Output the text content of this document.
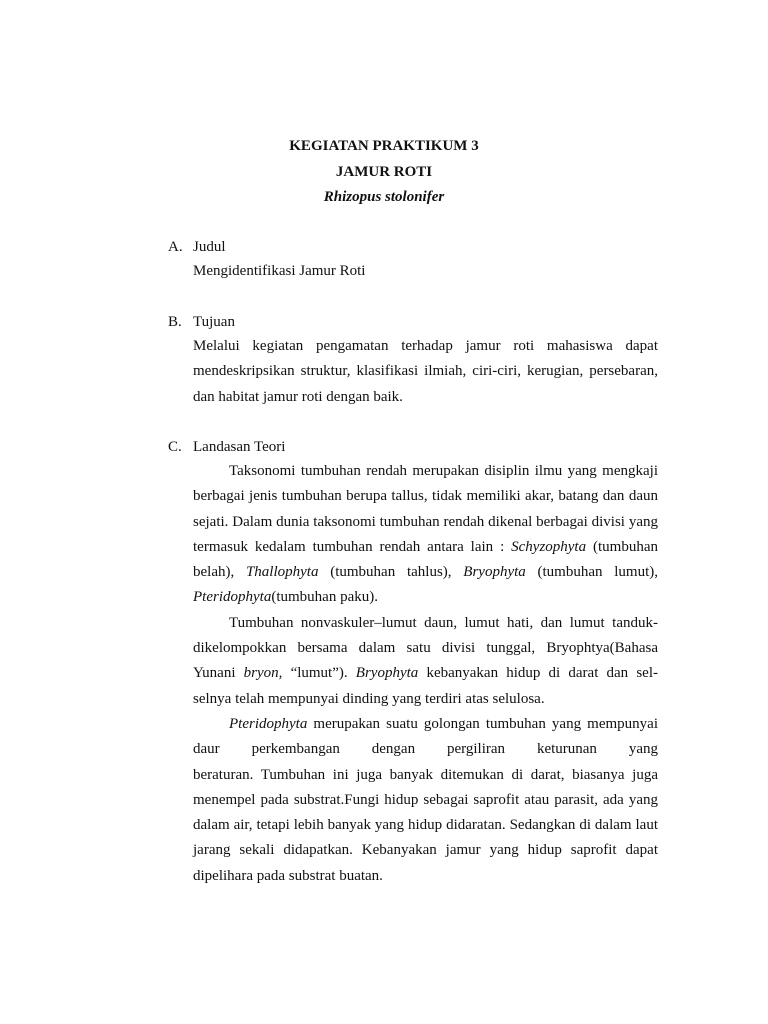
KEGIATAN PRAKTIKUM 3
JAMUR ROTI
Rhizopus stolonifer
A. Judul
Mengidentifikasi Jamur Roti
B. Tujuan
Melalui kegiatan pengamatan terhadap jamur roti mahasiswa dapat mendeskripsikan struktur, klasifikasi ilmiah, ciri-ciri, kerugian, persebaran, dan habitat jamur roti dengan baik.
C. Landasan Teori
Taksonomi tumbuhan rendah merupakan disiplin ilmu yang mengkaji berbagai jenis tumbuhan berupa tallus, tidak memiliki akar, batang dan daun sejati. Dalam dunia taksonomi tumbuhan rendah dikenal berbagai divisi yang termasuk kedalam tumbuhan rendah antara lain : Schyzophyta (tumbuhan belah), Thallophyta (tumbuhan tahlus), Bryophyta (tumbuhan lumut), Pteridophyta(tumbuhan paku).
Tumbuhan nonvaskuler–lumut daun, lumut hati, dan lumut tanduk- dikelompokkan bersama dalam satu divisi tunggal, Bryophtya(Bahasa Yunani bryon, “lumut”). Bryophyta kebanyakan hidup di darat dan sel- selnya telah mempunyai dinding yang terdiri atas selulosa.
Pteridophyta merupakan suatu golongan tumbuhan yang mempunyai
daur perkembangan dengan pergiliran keturunan yang
beraturan. Tumbuhan ini juga banyak ditemukan di darat, biasanya juga menempel pada substrat.Fungi hidup sebagai saprofit atau parasit, ada yang dalam air, tetapi lebih banyak yang hidup didaratan. Sedangkan di dalam laut jarang sekali didapatkan. Kebanyakan jamur yang hidup saprofit dapat dipelihara pada substrat buatan.
